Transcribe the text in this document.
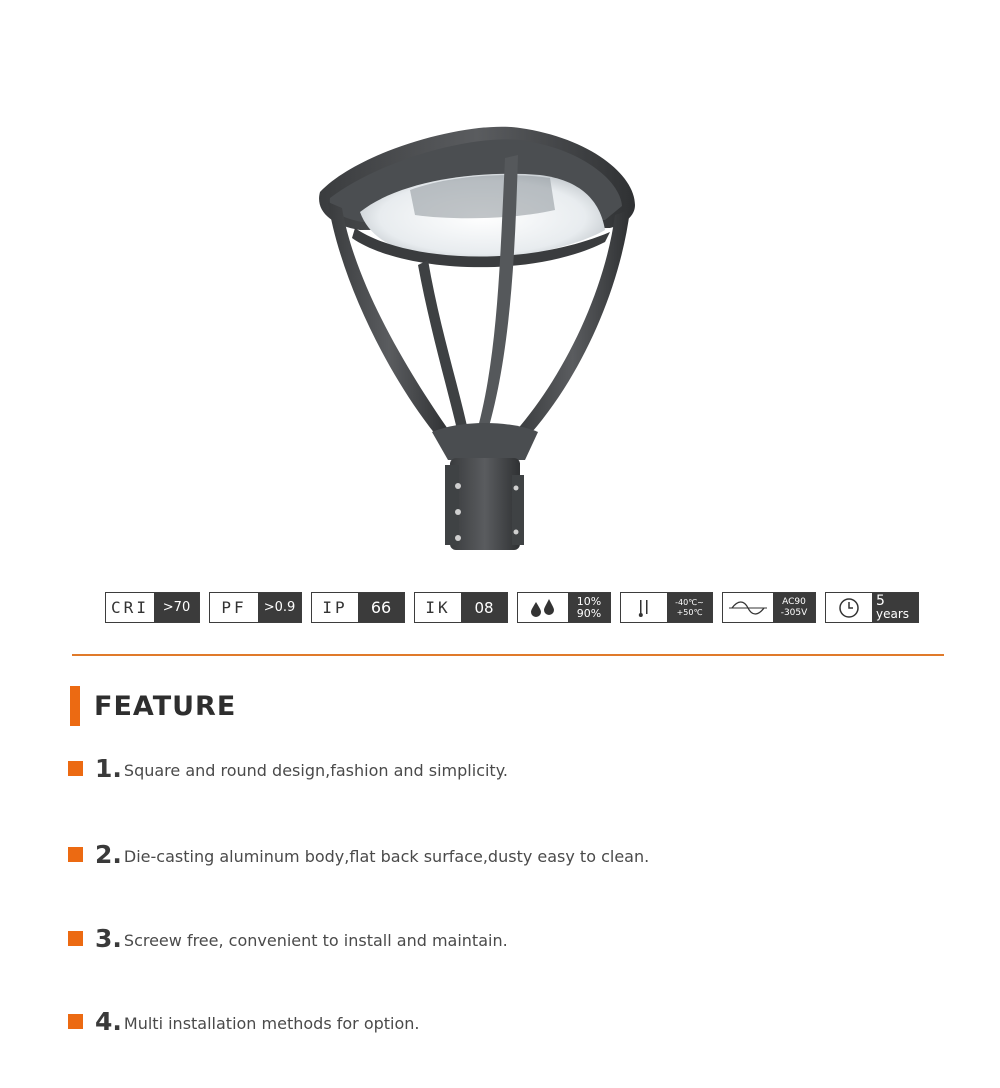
CRI	>70	PF	>0.9	IP	66	IK	08	10%
90%
-40℃~
+50℃
AC90
-305V
5
years
FEATURE
1. Square and round design,fashion and simplicity.
2. Die-casting aluminum body,flat back surface,dusty easy to clean.
3. Screew free, convenient to install and maintain.
4. Multi installation methods for option.
